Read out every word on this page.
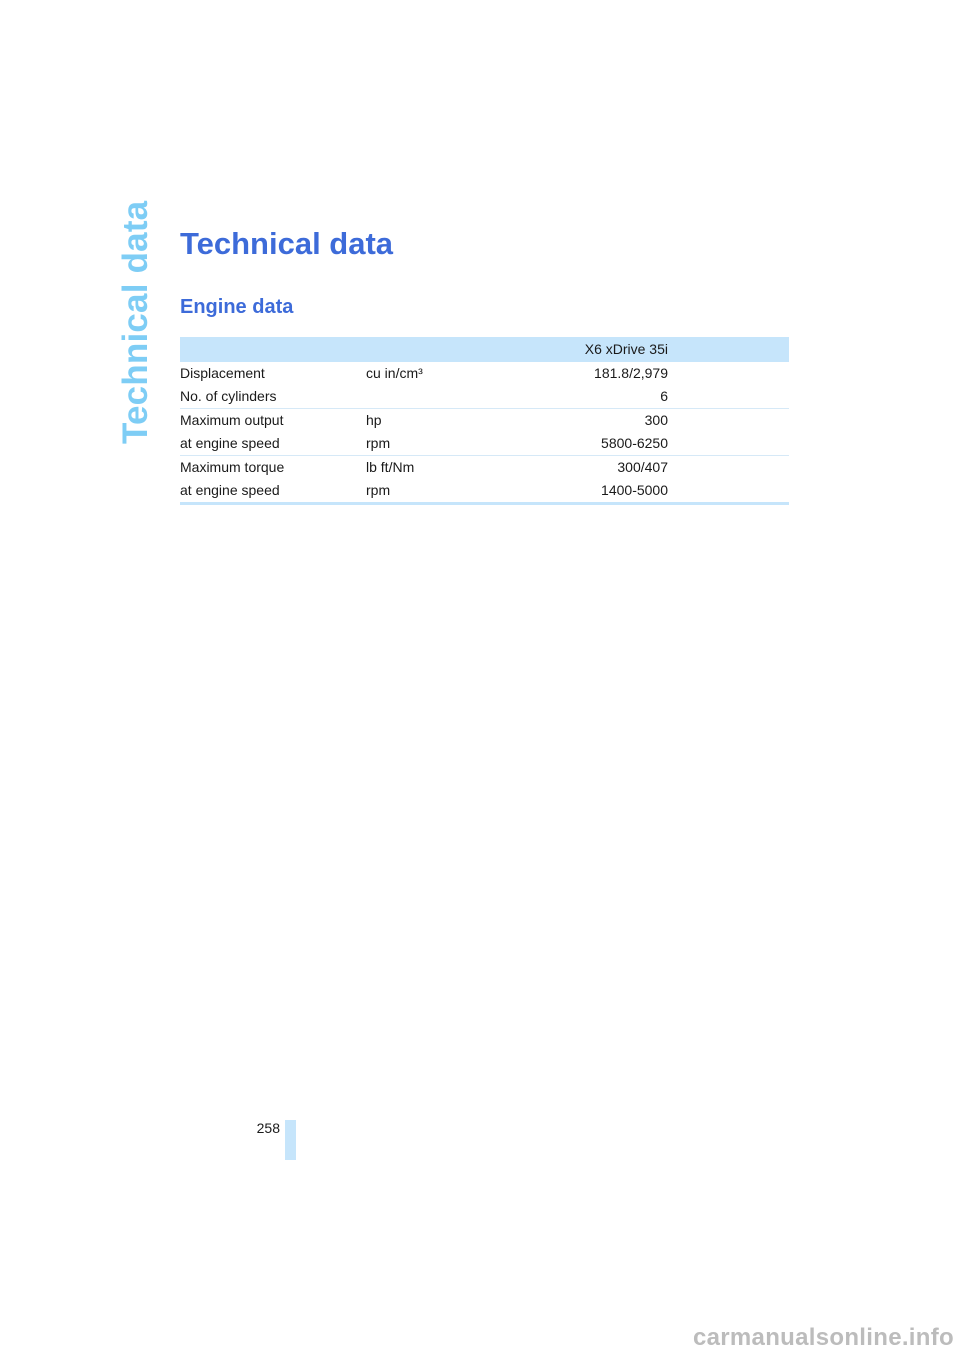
Technical data Technical data
Engine data
		X6 xDrive 35i	
Displacement	cu in/cm³	181.8/2,979	
No. of cylinders		6	
Maximum output	hp	300	
at engine speed	rpm	5800-6250	
Maximum torque	lb ft/Nm	300/407	
at engine speed	rpm	1400-5000	
258
carmanualsonline.info
